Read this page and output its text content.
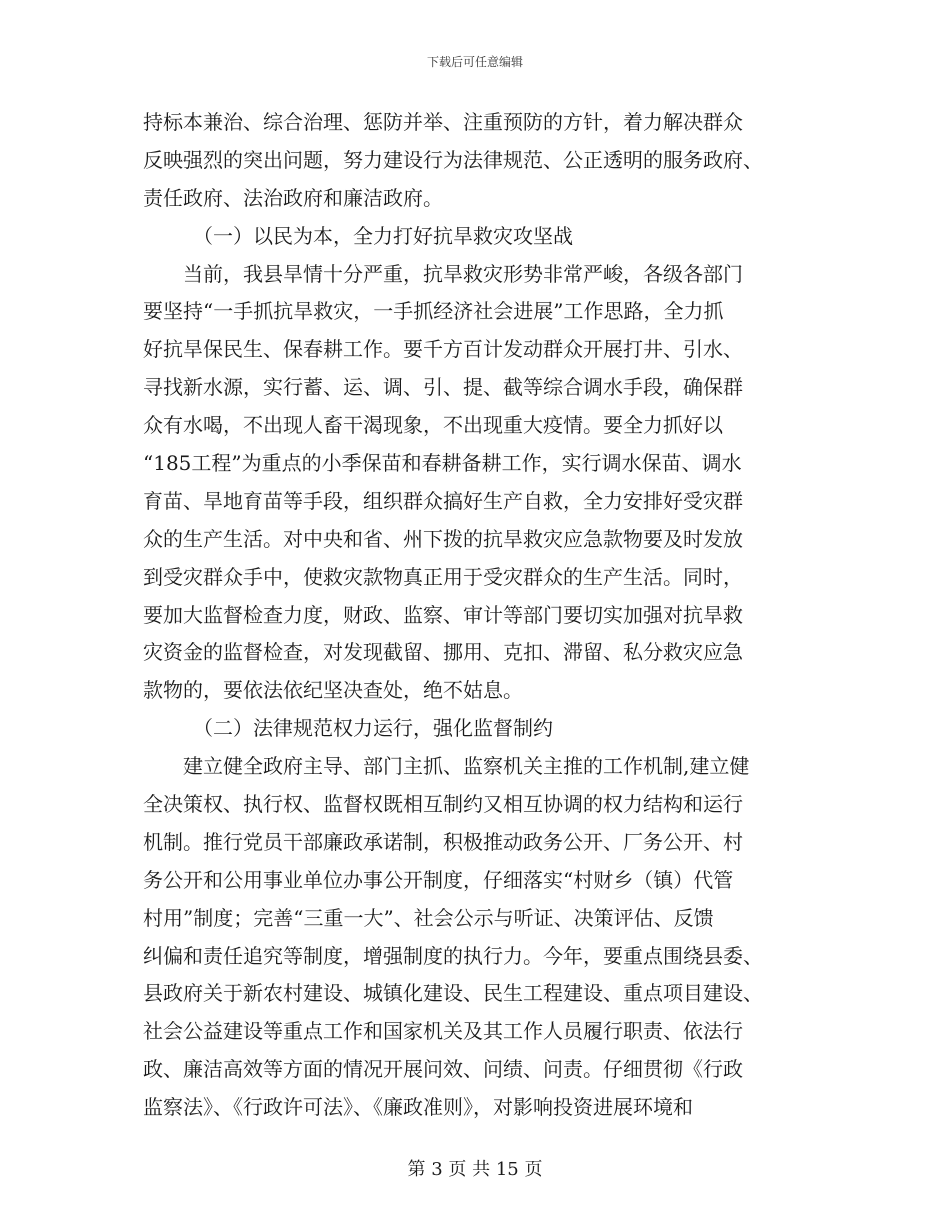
下载后可任意编辑
持标本兼治、综合治理、惩防并举、注重预防的方针，着力解决群众
反映强烈的突出问题，努力建设行为法律规范、公正透明的服务政府、
责任政府、法治政府和廉洁政府。
　　　（一）以民为本，全力打好抗旱救灾攻坚战
　　当前，我县旱情十分严重，抗旱救灾形势非常严峻，各级各部门
要坚持“一手抓抗旱救灾，一手抓经济社会进展”工作思路，全力抓
好抗旱保民生、保春耕工作。要千方百计发动群众开展打井、引水、
寻找新水源，实行蓄、运、调、引、提、截等综合调水手段，确保群
众有水喝，不出现人畜干渴现象，不出现重大疫情。要全力抓好以
“185工程”为重点的小季保苗和春耕备耕工作，实行调水保苗、调水
育苗、旱地育苗等手段，组织群众搞好生产自救，全力安排好受灾群
众的生产生活。对中央和省、州下拨的抗旱救灾应急款物要及时发放
到受灾群众手中，使救灾款物真正用于受灾群众的生产生活。同时，
要加大监督检查力度，财政、监察、审计等部门要切实加强对抗旱救
灾资金的监督检查，对发现截留、挪用、克扣、滞留、私分救灾应急
款物的，要依法依纪坚决查处，绝不姑息。
　　　（二）法律规范权力运行，强化监督制约
　　建立健全政府主导、部门主抓、监察机关主推的工作机制,建立健
全决策权、执行权、监督权既相互制约又相互协调的权力结构和运行
机制。推行党员干部廉政承诺制，积极推动政务公开、厂务公开、村
务公开和公用事业单位办事公开制度，仔细落实“村财乡（镇）代管
村用”制度；完善“三重一大”、社会公示与听证、决策评估、反馈
纠偏和责任追究等制度，增强制度的执行力。今年，要重点围绕县委、
县政府关于新农村建设、城镇化建设、民生工程建设、重点项目建设、
社会公益建设等重点工作和国家机关及其工作人员履行职责、依法行
政、廉洁高效等方面的情况开展问效、问绩、问责。仔细贯彻《行政
监察法》、《行政许可法》、《廉政准则》，对影响投资进展环境和
第 3 页 共 15 页
